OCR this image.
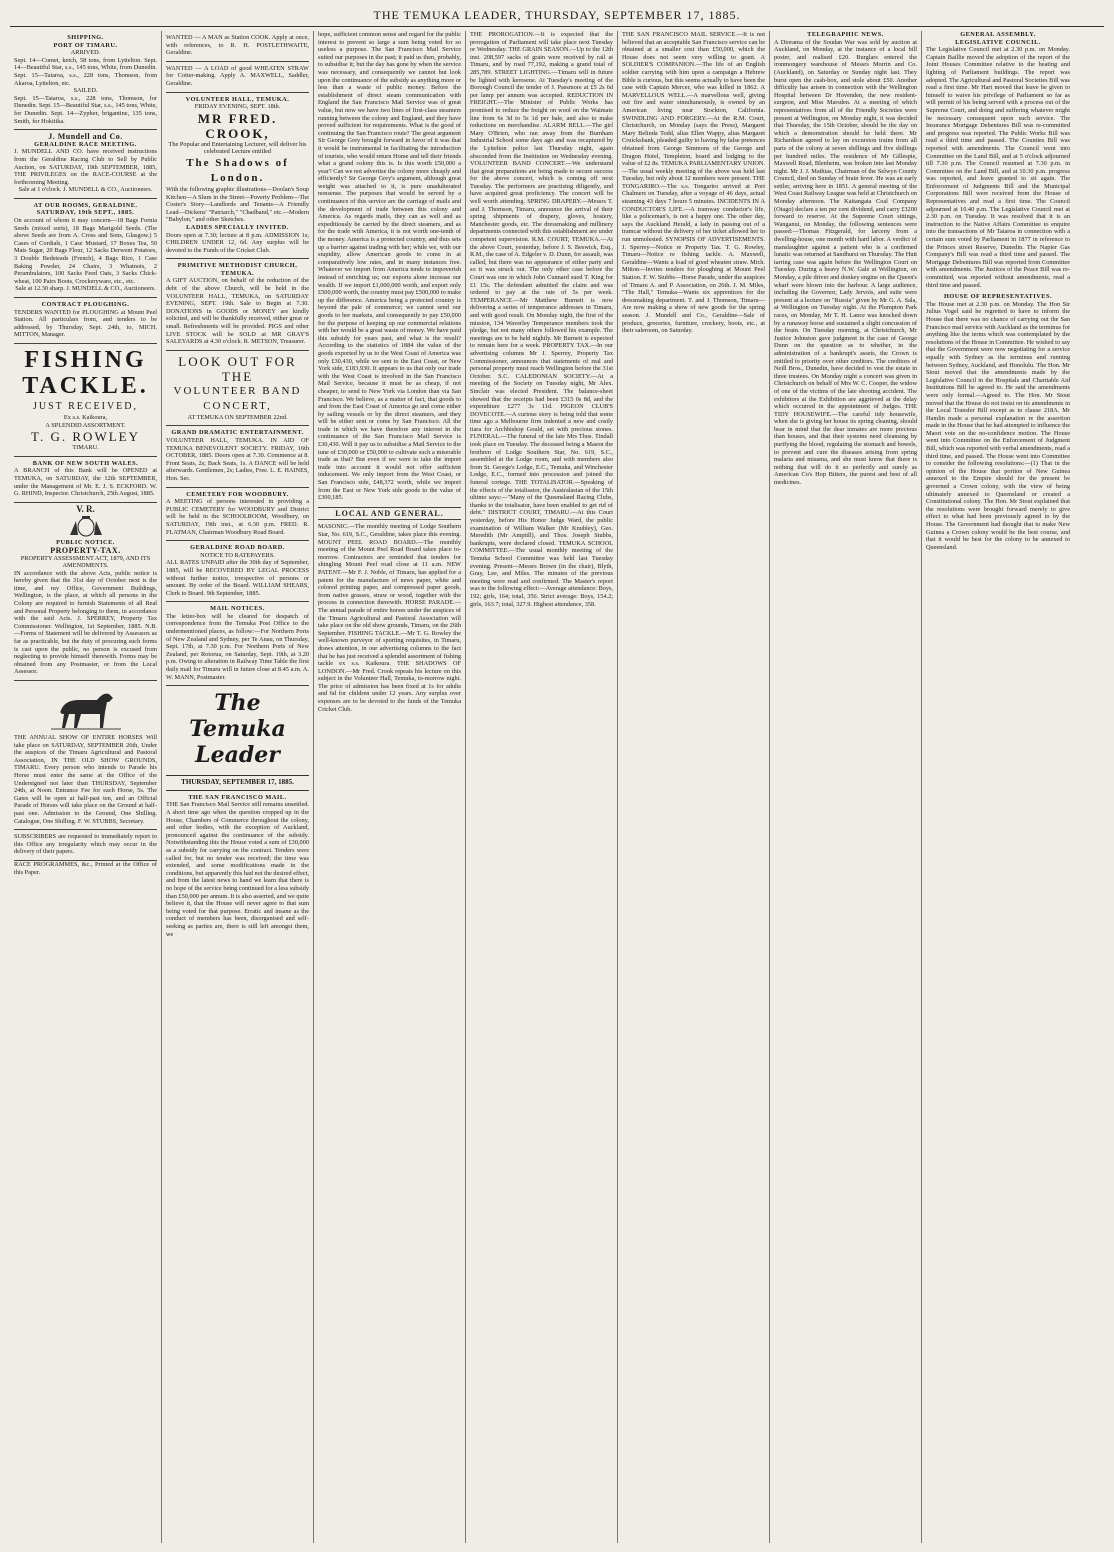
THE TEMUKA LEADER, THURSDAY, SEPTEMBER 17, 1885.
SHIPPING.
PORT OF TIMARU.
ARRIVED.
Sept. 14—Comet, ketch, 58 tons, from Lyttelton. Sept. 14—Beautiful Star, s.s., 145 tons, White, from Dunedin. Sept. 15—Taiaroa, s.s., 228 tons, Thomson, from Akaroa, Lyttelton, etc.
SAILED.
Sept. 15—Taiaroa, s.s., 228 tons, Thomson, for Dunedin. Sept. 15—Beautiful Star, s.s., 145 tons, White, for Dunedin. Sept. 14—Zypher, brigantine, 135 tons, Smith, for Hokitika.
J. Mundell and Co.
GERALDINE RACE MEETING.
J. MUNDELL AND CO. have received instructions from the Geraldine Racing Club to Sell by Public Auction, on SATURDAY, 19th SEPTEMBER, 1885, THE PRIVILEGES on the RACE-COURSE at the forthcoming Meeting.
Sale at 1 o'clock. J. MUNDELL & CO., Auctioneers.
AT OUR ROOMS, GERALDINE. SATURDAY, 19th SEPT., 1885.
On account of whom it may concern—18 Bags Fornia Seeds (mixed sorts), 18 Bags Marigold Seeds. (The above Seeds are from A. Cross and Sons, Glasgow.) 5 Cases of Cordials, 1 Case Mustard, 17 Boxes Tea, 50 Mats Sugar, 20 Bags Flour, 12 Sacks Derwent Potatoes, 3 Double Bedsteads (French), 4 Bags Rice, 1 Case Baking Powder, 24 Chairs, 3 Whatnots, 2 Perambulators, 100 Sacks Feed Oats, 3 Sacks Chick-wheat, 100 Pairs Boots, Crockeryware, etc., etc.
Sale at 12.30 sharp. J. MUNDELL & CO., Auctioneers.
CONTRACT PLOUGHING.
TENDERS WANTED for PLOUGHING at Mount Peel Station. All particulars from, and tenders to be addressed, by Thursday, Sept. 24th, to, MICH. MITTON, Manager.
FISHING
TACKLE.
JUST RECEIVED,
Ex s.s. Kaikoura,
A SPLENDID ASSORTMENT.
T. G. ROWLEY
TIMARU.
BANK OF NEW SOUTH WALES.
A BRANCH of this Bank will be OPENED at TEMUKA, on SATURDAY, the 12th SEPTEMBER, under the Management of Mr. E. J. S. ECKFORD. W. G. RHIND, Inspector. Christchurch, 25th August, 1885.
V. R.
PUBLIC NOTICE.
PROPERTY-TAX.
PROPERTY ASSESSMENT ACT, 1879, AND ITS AMENDMENTS.
IN accordance with the above Acts, public notice is hereby given that the 31st day of October next is the time, and my Office, Government Buildings, Wellington, is the place, at which all persons in the Colony are required to furnish Statements of all Real and Personal Property belonging to them, in accordance with the said Acts. J. SPERREY, Property Tax Commissioner. Wellington, 1st September, 1885. N.B.—Forms of Statement will be delivered by Assessors as far as practicable, but the duty of procuring such forms is cast upon the public, no person is excused from neglecting to provide himself therewith. Forms may be obtained from any Postmaster, or from the Local Assessor.
THE ANNUAL SHOW OF ENTIRE HORSES Will take place on SATURDAY, SEPTEMBER 26th, Under the auspices of the Timaru Agricultural and Pastoral Association, IN THE OLD SHOW GROUNDS, TIMARU. Every person who intends to Parade his Horse must enter the same at the Office of the Undersigned not later than THURSDAY, September 24th, at Noon. Entrance Fee for each Horse, 5s. The Gates will be open at half-past ten, and an Official Parade of Horses will take place on the Ground at half-past one. Admission to the Ground, One Shilling. Catalogue, One Shilling. F. W. STUBBS, Secretary.
SUBSCRIBERS are requested to immediately report to this Office any irregularity which may occur in the delivery of their papers.
RACE PROGRAMMES, &c., Printed at the Office of this Paper.
WANTED — A MAN as Station COOK. Apply at once, with references, to R. H. POSTLETHWAITE, Geraldine.
WANTED — A LOAD of good WHEATEN STRAW for Cotter-making. Apply A. MAXWELL, Saddler, Geraldine.
VOLUNTEER HALL, TEMUKA.
FRIDAY EVENING, SEPT. 18th.
MR FRED. CROOK,
The Popular and Entertaining Lecturer, will deliver his celebrated Lecture entitled
The Shadows of London.
With the following graphic illustrations—Doolan's Soup Kitchen—A Slum in the Street—Poverty Problem—The Coster's Story—Landlords and Tenants—A Friendly Lead—Dickens' "Patriarch," "Chadband," etc.—Modern "Babylon," and other Sketches.
LADIES SPECIALLY INVITED.
Doors open at 7.30; lecture at 8 p.m. ADMISSION 1s; CHILDREN UNDER 12, 6d. Any surplus will be devoted to the Funds of the Cricket Club.
PRIMITIVE METHODIST CHURCH, TEMUKA.
A GIFT AUCTION, on behalf of the reduction of the debt of the above Church, will be held in the VOLUNTEER HALL, TEMUKA, on SATURDAY EVENING, SEPT. 19th. Sale to Begin at 7.30. DONATIONS in GOODS or MONEY are kindly solicited, and will be thankfully received, either great or small. Refreshments will be provided. PIGS and other LIVE STOCK will be SOLD at MR GRAY'S SALEYARDS at 4.30 o'clock. R. METSON, Treasurer.
LOOK OUT FOR THE
VOLUNTEER BAND CONCERT,
AT TEMUKA ON SEPTEMBER 22nd.
GRAND DRAMATIC ENTERTAINMENT.
VOLUNTEER HALL, TEMUKA. IN AID OF TEMUKA BENEVOLENT SOCIETY. FRIDAY, 16th OCTOBER, 1885. Doors open at 7.30. Commence at 8. Front Seats, 2s; Back Seats, 1s. A DANCE will be held afterwards. Gentlemen, 2s; Ladies, Free. L. E. HAINES, Hon. Sec.
CEMETERY FOR WOODBURY.
A MEETING of persons interested in providing a PUBLIC CEMETERY for WOODBURY and District will be held in the SCHOOLROOM, Woodbury, on SATURDAY, 19th inst., at 6.30 p.m. FRED. R. FLATMAN, Chairman Woodbury Road Board.
GERALDINE ROAD BOARD.
NOTICE TO RATEPAYERS.
ALL RATES UNPAID after the 30th day of September, 1885, will be RECOVERED BY LEGAL PROCESS without further notice, irrespective of persons or amount. By order of the Board. WILLIAM SHEARS, Clerk to Board. 9th September, 1885.
MAIL NOTICES.
The letter-box will be cleared for despatch of correspondence from the Temuka Post Office to the undermentioned places, as follow:—For Northern Ports of New Zealand and Sydney, per Te Anau, on Thursday, Sept. 17th, at 7.30 p.m. For Northern Ports of New Zealand, per Rotorua, on Saturday, Sept. 19th, at 3.20 p.m. Owing to alteration in Railway Time Table the first daily mail for Timaru will in future close at 8.45 a.m. A. W. MANN, Postmaster.
The Temuka Leader
THURSDAY, SEPTEMBER 17, 1885.
THE SAN FRANCISCO MAIL.
THE San Francisco Mail Service still remains unsettled. A short time ago when the question cropped up in the House, Chambers of Commerce throughout the colony, and other bodies, with the exception of Auckland, pronounced against the continuance of the subsidy. Notwithstanding this the House voted a sum of £30,000 as a subsidy for carrying on the contract. Tenders were called for, but no tender was received; the time was extended, and some modifications made in the conditions, but apparently this had not the desired effect, and from the latest news to hand we learn that there is no hope of the service being continued for a less subsidy than £50,000 per annum. It is also asserted, and we quite believe it, that the House will never agree to that sum being voted for that purpose. Erratic and insane as the conduct of members has been, disorganised and self-seeking as parties are, there is still left amongst them, we
hope, sufficient common sense and regard for the public interest to prevent so large a sum being voted for so useless a purpose. The San Francisco Mail Service suited our purposes in the past; it paid us then, probably, to subsidise it; but the day has gone by when the service was necessary, and consequently we cannot but look upon the continuance of the subsidy as anything more or less than a waste of public money. Before the establishment of direct steam communication with England the San Francisco Mail Service was of great value, but now we have two lines of first-class steamers running between the colony and England, and they have proved sufficient for requirements. What is the good of continuing the San Francisco route? The great argument Sir George Grey brought forward in favor of it was that it would be instrumental in facilitating the introduction of tourists, who would return Home and tell their friends what a grand colony this is. Is this worth £50,000 a year? Can we not advertise the colony more cheaply and efficiently? Sir George Grey's argument, although great weight was attached to it, is pure unadulterated nonsense. The purposes that would be served by a continuance of this service are the carriage of mails and the development of trade between this colony and America. As regards mails, they can as well and as expeditiously be carried by the direct steamers, and as for the trade with America, it is not worth one-tenth of the money. America is a protected country, and thus sets up a barrier against trading with her; while we, with our stupidity, allow American goods to come in at comparatively low rates, and in many instances free. Whatever we import from America tends to impoverish instead of enriching us; our exports alone increase our wealth. If we import £1,000,000 worth, and export only £500,000 worth, the country must pay £500,000 to make up the difference. America being a protected country is beyond the pale of commerce; we cannot send our goods to her markets, and consequently to pay £50,000 for the purpose of keeping up our commercial relations with her would be a great waste of money. We have paid this subsidy for years past, and what is the result? According to the statistics of 1884 the value of the goods exported by us to the West Coast of America was only £30,430, while we sent to the East Coast, or New York side, £183,930. It appears to us that only our trade with the West Coast is involved in the San Francisco Mail Service, because it must be as cheap, if not cheaper, to send to New York via London than via San Francisco. We believe, as a matter of fact, that goods to and from the East Coast of America go and come either by sailing vessels or by the direct steamers, and they will be either sent or come by San Francisco. All the trade in which we have therefore any interest in the continuance of the San Francisco Mail Service is £30,430. Will it pay us to subsidise a Mail Service to the tune of £30,000 or £50,000 to cultivate such a miserable trade as that? But even if we were to take the import trade into account it would not offer sufficient inducement. We only import from the West Coast, or San Francisco side, £48,372 worth, while we import from the East or New York side goods to the value of £300,185.
LOCAL AND GENERAL.
MASONIC.—The monthly meeting of Lodge Southern Star, No. 619, S.C., Geraldine, takes place this evening. MOUNT PEEL ROAD BOARD.—The monthly meeting of the Mount Peel Road Board takes place to-morrow. Contractors are reminded that tenders for shingling Mount Peel road close at 11 a.m. NEW PATENT.—Mr F. J. Noble, of Timaru, has applied for a patent for the manufacture of news paper, white and colored printing paper, and compressed paper goods, from native grasses, straw or wood, together with the process in connection therewith. HORSE PARADE.—The annual parade of entire horses under the auspices of the Timaru Agricultural and Pastoral Association will take place on the old show grounds, Timaru, on the 26th September. FISHING TACKLE.—Mr T. G. Rowley the well-known purveyor of sporting requisites, in Timaru, draws attention, in our advertising columns to the fact that he has just received a splendid assortment of fishing tackle ex s.s. Kaikoura. THE SHADOWS OF LONDON.—Mr Fred. Crook repeats his lecture on this subject in the Volunteer Hall, Temuka, to-morrow night. The price of admission has been fixed at 1s for adults and 6d for children under 12 years. Any surplus over expenses are to be devoted to the funds of the Temuka Cricket Club.
THE PROROGATION.—It is expected that the prorogation of Parliament will take place next Tuesday or Wednesday. THE GRAIN SEASON.—Up to the 12th inst. 208,597 sacks of grain were received by rail at Timaru, and by road 77,192, making a grand total of 285,789. STREET LIGHTING.—Timaru will in future be lighted with kerosene. At Tuesday's meeting of the Borough Council the tender of J. Passmore at £5 2s 6d per lamp per annum was accepted. REDUCTION IN FREIGHT.—The Minister of Public Works has promised to reduce the freight on wool on the Waimate line from 6s 3d to 5s 1d per bale, and also to make reductions on merchandise. ALARM BELL.—The girl Mary O'Brien, who ran away from the Burnham Industrial School some days ago and was recaptured by the Lyttelton police last Thursday night, again absconded from the Institution on Wednesday evening. VOLUNTEER BAND CONCERT.—We understand that great preparations are being made to secure success for the above concert, which is coming off next Tuesday. The performers are practising diligently, and have acquired great proficiency. The concert will be well worth attending. SPRING DRAPERY.—Messrs T. and J. Thomson, Timaru, announce the arrival of their spring shipments of drapery, gloves, hosiery, Manchester goods, etc. The dressmaking and millinery departments connected with this establishment are under competent supervision. R.M. COURT, TEMUKA.—At the above Court, yesterday, before J. S. Beswick, Esq., R.M., the case of A. Edgeler v. D. Dunn, for assault, was called, but there was no appearance of either party and so it was struck out. The only other case before the Court was one in which John Cunnard sued T. King for £1 15s. The defendant admitted the claim and was ordered to pay at the rate of 5s per week. TEMPERANCE.—Mr Matthew Burnett is now delivering a series of temperance addresses in Timaru, and with good result. On Monday night, the first of the mission, 134 Waverley Temperance members took the pledge, but not many others followed his example. The meetings are to be held nightly. Mr Burnett is expected to remain here for a week. PROPERTY TAX.—In our advertising columns Mr J. Sperrey, Property Tax Commissioner, announces that statements of real and personal property must reach Wellington before the 31st October. S.C. CALEDONIAN SOCIETY.—At a meeting of the Society on Tuesday night, Mr Alex. Sinclair was elected President. The balance-sheet showed that the receipts had been £315 0s 8d, and the expenditure £277 3s 11d. PIGEON CLUB'S DOVECOTE.—A curious story is being told that some time ago a Melbourne firm indented a new and costly tiara for Archbishop Gould, set with precious stones. FUNERAL.—The funeral of the late Mrs Thos. Tindall took place on Tuesday. The deceased being a Mason the brethren of Lodge Southern Star, No. 619, S.C., assembled at the Lodge room, and with members also from St. George's Lodge, E.C., Temuka, and Winchester Lodge, E.C., formed into procession and joined the funeral cortege. THE TOTALISATOR.—Speaking of the effects of the totalisator, the Australasian of the 15th ultimo says:—"Many of the Queensland Racing Clubs, thanks to the totalisator, have been enabled to get rid of debt." DISTRICT COURT, TIMARU.—At this Court yesterday, before His Honor Judge Ward, the public examination of William Walker (Mr Knubley), Geo. Meredith (Mr Amptill), and Thos. Joseph Stubbs, bankrupts, were declared closed. TEMUKA SCHOOL COMMITTEE.—The usual monthly meeting of the Temuka School Committee was held last Tuesday evening. Present—Messrs Brown (in the chair), Blyth, Gray, Lee, and Miles. The minutes of the previous meeting were read and confirmed. The Master's report was to the following effect:—Average attendance: Boys, 192; girls, 164; total, 356. Strict average: Boys, 154.2; girls, 163.7; total, 327.9. Highest attendance, 358.
THE SAN FRANCISCO MAIL SERVICE.—It is not believed that an acceptable San Francisco service can be obtained at a smaller cost than £50,000, which the House does not seem very willing to grant. A SOLDIER'S COMPANION.—The life of an English soldier carrying with him upon a campaign a Hebrew Bible is curious, but this seems actually to have been the case with Captain Mercer, who was killed in 1862. A MARVELLOUS WELL.—A marvellous well, giving out fire and water simultaneously, is owned by an American living near Stockton, California. SWINDLING AND FORGERY.—At the R.M. Court, Christchurch, on Monday (says the Press), Margaret Mary Belinda Todd, alias Ellen Wappy, alias Margaret Cruickshank, pleaded guilty to having by false pretences obtained from George Simmons of the George and Dragon Hotel, Templeton, board and lodging to the value of £2 8s. TEMUKA PARLIAMENTARY UNION.—The usual weekly meeting of the above was held last Tuesday, but only about 12 members were present. THE TONGARIRO.—The s.s. Tongariro arrived at Port Chalmers on Tuesday, after a voyage of 46 days, actual steaming 43 days 7 hours 5 minutes. INCIDENTS IN A CONDUCTOR'S LIFE.—A tramway conductor's life, like a policeman's, is not a happy one. The other day, says the Auckland Herald, a lady in passing out of a tramcar without the delivery of her ticket allowed her to run unmolested. SYNOPSIS OF ADVERTISEMENTS. J. Sperrey—Notice re Property Tax. T. G. Rowley, Timaru—Notice re fishing tackle. A. Maxwell, Geraldine—Wants a load of good wheaten straw. Mich. Mitton—Invites tenders for ploughing at Mount Peel Station. F. W. Stubbs—Horse Parade, under the auspices of Timaru A. and P. Association, on 26th. J. M. Miles, "The Hall," Temuka—Wants six apprentices for the dressmaking department. T. and J. Thomson, Timaru—Are now making a show of new goods for the spring season. J. Mundell and Co., Geraldine—Sale of produce, groceries, furniture, crockery, boots, etc., at their saleroom, on Saturday.
TELEGRAPHIC NEWS.
A Diorama of the Soudan War was sold by auction at Auckland, on Monday, at the instance of a local bill poster, and realised £20. Burglars entered the ironmongery warehouse of Messrs Morrin and Co. (Auckland), on Saturday or Sunday night last. They burst open the cash-box, and stole about £50. Another difficulty has arisen in connection with the Wellington Hospital between Dr Hovenden, the new resident-surgeon, and Miss Marsden. At a meeting of which representatives from all of the Friendly Societies were present at Wellington, on Monday night, it was decided that Thursday, the 15th October, should be the day on which a demonstration should be held there. Mr Richardson agreed to lay on excursion trains from all parts of the colony at seven shillings and five shillings per hundred miles. The residence of Mr Gillespie, Maxwell Road, Blenheim, was broken into last Monday night. Mr J. J. Mathias, Chairman of the Selwyn County Council, died on Sunday of brain fever. He was an early settler, arriving here in 1851. A general meeting of the West Coast Railway League was held at Christchurch on Monday afternoon. The Kaitangata Coal Company (Otago) declare a ten per cent dividend, and carry £3200 forward to reserve. At the Supreme Court sittings, Wanganui, on Monday, the following sentences were passed:—Thomas Fitzgerald, for larceny from a dwelling-house, one month with hard labor. A verdict of manslaughter against a patient who is a confirmed lunatic was returned at Sandhurst on Thursday. The Hutt tarring case was again before the Wellington Court on Tuesday. During a heavy N.W. Gale at Wellington, on Monday, a pile driver and donkey engine on the Queen's wharf were blown into the harbour. A large audience, including the Governor, Lady Jervois, and suite were present at a lecture on "Russia" given by Mr G. A. Sala, at Wellington on Tuesday night. At the Plumpton Park races, on Monday, Mr T. H. Lance was knocked down by a runaway horse and sustained a slight concussion of the brain. On Tuesday morning, at Christchurch, Mr Justice Johnston gave judgment in the case of George Dunn on the question as to whether, in the administration of a bankrupt's assets, the Crown is entitled to priority over other creditors. The creditors of Neill Bros., Dunedin, have decided to vest the estate in three trustees. On Monday night a concert was given in Christchurch on behalf of Mrs W. C. Cooper, the widow of one of the victims of the late shooting accident. The exhibitors at the Exhibition are aggrieved at the delay which occurred in the appointment of Judges. THE TIDY HOUSEWIFE.—The careful tidy housewife, when she is giving her house its spring cleaning, should bear in mind that the dear inmates are more precious than houses, and that their systems need cleansing by purifying the blood, regulating the stomach and bowels, to prevent and cure the diseases arising from spring malaria and miasma, and she must know that there is nothing that will do it so perfectly and surely as American Co's Hop Bitters, the purest and best of all medicines.
GENERAL ASSEMBLY.
LEGISLATIVE COUNCIL.
The Legislative Council met at 2.30 p.m. on Monday. Captain Baillie moved the adoption of the report of the Joint Houses Committee relative to the heating and lighting of Parliament buildings. The report was adopted. The Agricultural and Pastoral Societies Bill was read a first time. Mr Hart moved that leave be given to himself to waive his privilege of Parliament so far as will permit of his being served with a process out of the Supreme Court, and doing and suffering whatever might be necessary consequent upon such service. The Insurance Mortgage Debentures Bill was re-committed and progress was reported. The Public Works Bill was read a third time and passed. The Counties Bill was reported with amendments. The Council went into Committee on the Land Bill, and at 5 o'clock adjourned till 7.30 p.m. The Council resumed at 7.30 p.m. in Committee on the Land Bill, and at 10.30 p.m. progress was reported, and leave granted to sit again. The Enforcement of Judgments Bill and the Municipal Corporations Bill were received from the House of Representatives and read a first time. The Council adjourned at 10.40 p.m. The Legislative Council met at 2.30 p.m. on Tuesday. It was resolved that it is an instruction to the Native Affairs Committee to enquire into the transactions of Mr Taiaroa in connection with a certain sum voted by Parliament in 1877 in reference to the Princes street Reserve, Dunedin. The Napier Gas Company's Bill was read a third time and passed. The Mortgage Debentures Bill was reported from Committee with amendments. The Justices of the Peace Bill was re-committed, was reported without amendments, read a third time and passed.
HOUSE OF REPRESENTATIVES.
The House met at 2.30 p.m. on Monday. The Hon Sir Julius Vogel said he regretted to have to inform the House that there was no chance of carrying out the San Francisco mail service with Auckland as the terminus for anything like the terms which was contemplated by the resolutions of the House in Committee. He wished to say that the Government were now negotiating for a service equally with Sydney as the terminus and running between Sydney, Auckland, and Honolulu. The Hon. Mr Stout moved that the amendments made by the Legislative Council in the Hospitals and Charitable Aid Institutions Bill be agreed to. He said the amendments were only formal.—Agreed to. The Hon. Mr Stout moved that the House do not insist on its amendments in the Local Transfer Bill except as to clause 218A. Mr Hamlin made a personal explanation re the assertion made in the House that he had attempted to influence the Maori vote on the no-confidence motion. The House went into Committee on the Enforcement of Judgment Bill, which was reported with verbal amendments, read a third time, and passed. The House went into Committee to consider the following resolutions:—(1) That in the opinion of the House that portion of New Guinea annexed to the Empire should for the present be governed a Crown colony, with the view of being ultimately annexed to Queensland or created a Constitutional colony. The Hon. Mr Stout explained that the resolutions were brought forward merely to give effect to what had been previously agreed to by the House. The Government had thought that to make New Guinea a Crown colony would be the best course, and that it would be best for the colony to be annexed to Queensland.
